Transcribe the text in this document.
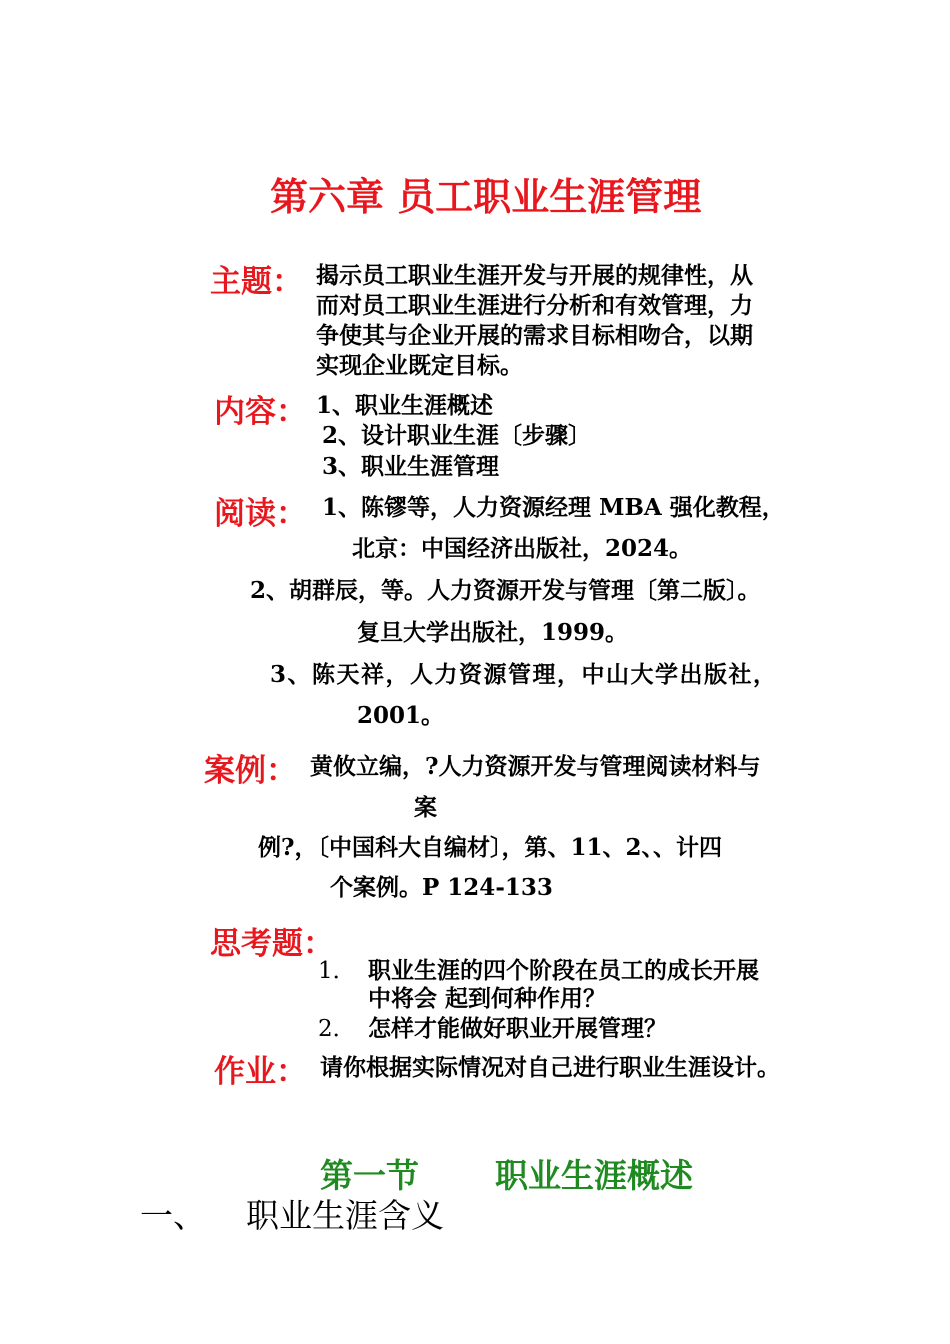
第六章 员工职业生涯管理
主题： 揭示员工职业生涯开发与开展的规律性，从
而对员工职业生涯进行分析和有效管理，力
争使其与企业开展的需求目标相吻合，以期
实现企业既定目标。
内容： 1、职业生涯概述
2、设计职业生涯〔步骤〕
3、职业生涯管理
阅读： 1、陈镠等，人力资源经理 MBA 强化教程，
北京：中国经济出版社，2024。
2、胡群辰，等。人力资源开发与管理〔第二版〕。
复旦大学出版社，1999。
3、陈天祥，人力资源管理，中山大学出版社，
2001。
案例： 黄攸立编，?人力资源开发与管理阅读材料与
案
例?，〔中国科大自编材〕，第、11、2、、计四
个案例。P 124-133
思考题：
1． 职业生涯的四个阶段在员工的成长开展
中将会 起到何种作用？
2． 怎样才能做好职业开展管理？
作业： 请你根据实际情况对自己进行职业生涯设计。
第一节 职业生涯概述
一、 职业生涯含义
